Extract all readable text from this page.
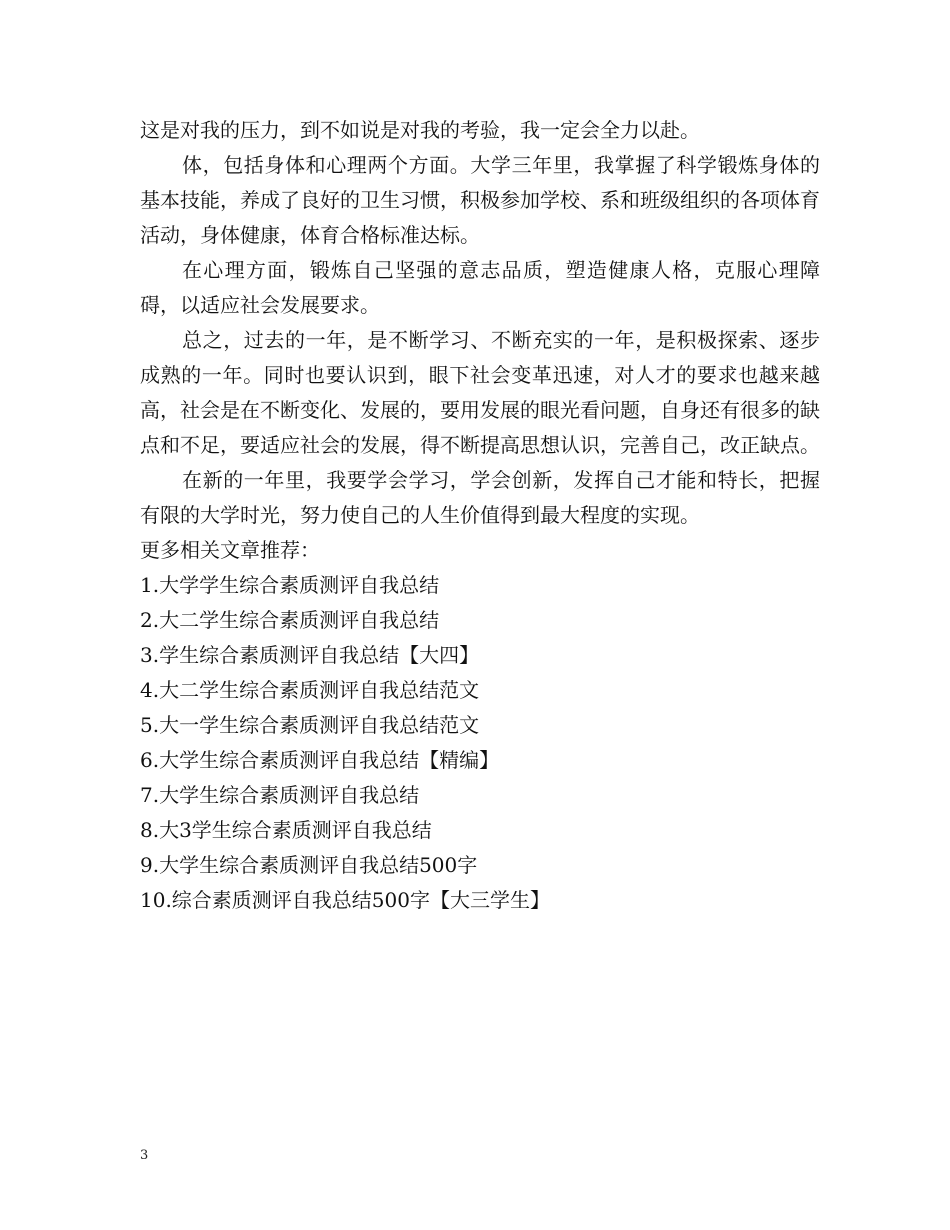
这是对我的压力，到不如说是对我的考验，我一定会全力以赴。

体，包括身体和心理两个方面。大学三年里，我掌握了科学锻炼身体的基本技能，养成了良好的卫生习惯，积极参加学校、系和班级组织的各项体育活动，身体健康，体育合格标准达标。

在心理方面，锻炼自己坚强的意志品质，塑造健康人格，克服心理障碍，以适应社会发展要求。

总之，过去的一年，是不断学习、不断充实的一年，是积极探索、逐步成熟的一年。同时也要认识到，眼下社会变革迅速，对人才的要求也越来越高，社会是在不断变化、发展的，要用发展的眼光看问题，自身还有很多的缺点和不足，要适应社会的发展，得不断提高思想认识，完善自己，改正缺点。

在新的一年里，我要学会学习，学会创新，发挥自己才能和特长，把握有限的大学时光，努力使自己的人生价值得到最大程度的实现。

更多相关文章推荐：

1.大学学生综合素质测评自我总结
2.大二学生综合素质测评自我总结
3.学生综合素质测评自我总结【大四】
4.大二学生综合素质测评自我总结范文
5.大一学生综合素质测评自我总结范文
6.大学生综合素质测评自我总结【精编】
7.大学生综合素质测评自我总结
8.大3学生综合素质测评自我总结
9.大学生综合素质测评自我总结500字
10.综合素质测评自我总结500字【大三学生】
3
